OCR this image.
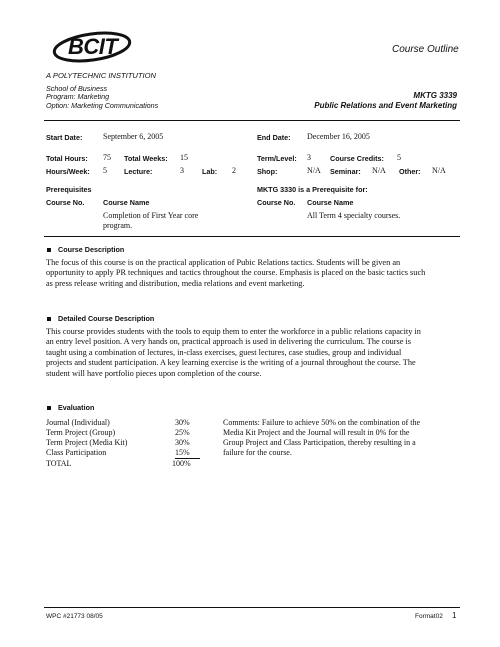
BCIT
A POLYTECHNIC INSTITUTION
Course Outline
School of Business
Program: Marketing
Option: Marketing Communications
MKTG 3339
Public Relations and Event Marketing
Start Date:	September 6, 2005	End Date: December 16, 2005
Total Hours: 75 Total Weeks: 15	Term/Level: 3	Course Credits: 5
Hours/Week: 5 Lecture:	3	Lab: 2	Shop:	N/A Seminar: N/A Other: N/A
Prerequisites
Course No.	Course Name
Completion of First Year core
program.
MKTG 3330 is a Prerequisite for:
Course No. Course Name
All Term 4 specialty courses.
Course Description
The focus of this course is on the practical application of Pubic Relations tactics. Students will be given an
opportunity to apply PR techniques and tactics throughout the course. Emphasis is placed on the basic tactics such
as press release writing and distribution, media relations and event marketing.
Detailed Course Description
This course provides students with the tools to equip them to enter the workforce in a public relations capacity in
an entry level position. A very hands on, practical approach is used in delivering the curriculum. The course is
taught using a combination of lectures, in-class exercises, guest lectures, case studies, group and individual
projects and student participation. A key learning exercise is the writing of a journal throughout the course. The
student will have portfolio pieces upon completion of the course.
Evaluation
Journal (Individual)	30%
Term Project (Group)	25%
Term Project (Media Kit)	30%
Class Participation	15%
TOTAL	100%
Comments: Failure to achieve 50% on the combination of the
Media Kit Project and the Journal will result in 0% for the
Group Project and Class Participation, thereby resulting in a
failure for the course.
WPC #21773 08/05	Format02 1
